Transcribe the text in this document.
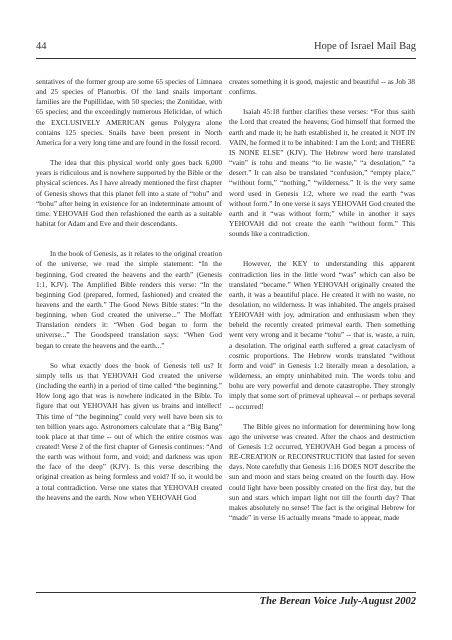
44	Hope of Israel Mail Bag

sentatives of the former group are some 65 species of Limnaea and 25 species of Planorbis. Of the land snails important families are the Pupillidae, with 50 species; the Zonitidae, with 65 species; and the exceedingly numerous Helicidae, of which the EXCLUSIVELY AMERICAN genus Polygyra alone contains 125 species. Snails have been present in North America for a very long time and are found in the fossil record.

The idea that this physical world only goes back 6,000 years is ridiculous and is nowhere supported by the Bible or the physical sciences. As I have already mentioned the first chapter of Genesis shows that this planet fell into a state of “tohu” and “bohu” after being in existence for an indeterminate amount of time. YEHOVAH God then refashioned the earth as a suitable habitat for Adam and Eve and their descendants.

In the book of Genesis, as it relates to the original creation of the universe, we read the simple statement: “In the beginning, God created the heavens and the earth” (Genesis 1:1, KJV). The Amplified Bible renders this verse: “In the beginning God (prepared, formed, fashioned) and created the heavens and the earth.” The Good News Bible states: “In the beginning, when God created the universe...” The Moffatt Translation renders it: “When God began to form the universe...” The Goodspeed translation says: “When God began to create the heavens and the earth...”

So what exactly does the book of Genesis tell us? It simply tells us that YEHOVAH God created the universe (including the earth) in a period of time called “the beginning.” How long ago that was is nowhere indicated in the Bible. To figure that out YEHOVAH has given us brains and intellect! This time of “the beginning” could very well have been six to ten billion years ago. Astronomers calculate that a “Big Bang” took place at that time -- out of which the entire cosmos was created! Verse 2 of the first chapter of Genesis continues: “And the earth was without form, and void; and darkness was upon the face of the deep” (KJV). Is this verse describing the original creation as being formless and void? If so, it would be a total contradiction. Verse one states that YEHOVAH created the heavens and the earth. Now when YEHOVAH God

creates something it is good, majestic and beautiful -- as Job 38 confirms.

Isaiah 45:18 further clarifies these verses: “For thus saith the Lord that created the heavens; God himself that formed the earth and made it; he hath established it, he created it NOT IN VAIN, he formed it to be inhabited: I am the Lord; and THERE IS NONE ELSE” (KJV). The Hebrew word here translated “vain” is tohu and means “to lie waste,” “a desolation,” “a desert.” It can also be translated “confusion,” “empty place,” “without form,” “nothing,” “wilderness.” It is the very same word used in Genesis 1:2, where we read the earth “was without form.” In one verse it says YEHOVAH God created the earth and it “was without form;” while in another it says YEHOVAH did not create the earth “without form.” This sounds like a contradiction.

However, the KEY to understanding this apparent contradiction lies in the little word “was” which can also be translated “became.” When YEHOVAH originally created the earth, it was a beautiful place. He created it with no waste, no desolation, no wilderness. It was inhabited. The angels praised YEHOVAH with joy, admiration and enthusiasm when they beheld the recently created primeval earth. Then something went very wrong and it became “tohu” -- that is, waste, a ruin, a desolation. The original earth suffered a great cataclysm of cosmic proportions. The Hebrew words translated “without form and void” in Genesis 1:2 literally mean a desolation, a wilderness, an empty uninhabited ruin. The words tohu and bohu are very powerful and denote catastrophe. They strongly imply that some sort of primeval upheaval -- or perhaps several -- occurred!

The Bible gives no information for determining how long ago the universe was created. After the chaos and destruction of Genesis 1:2 occurred, YEHOVAH God began a process of RE-CREATION or RECONSTRUCTION that lasted for seven days. Note carefully that Genesis 1:16 DOES NOT describe the sun and moon and stars being created on the fourth day. How could light have been possibly created on the first day, but the sun and stars which impart light not till the fourth day? That makes absolutely no sense! The fact is the original Hebrew for “made” in verse 16 actually means “made to appear, made

The Berean Voice July-August 2002
